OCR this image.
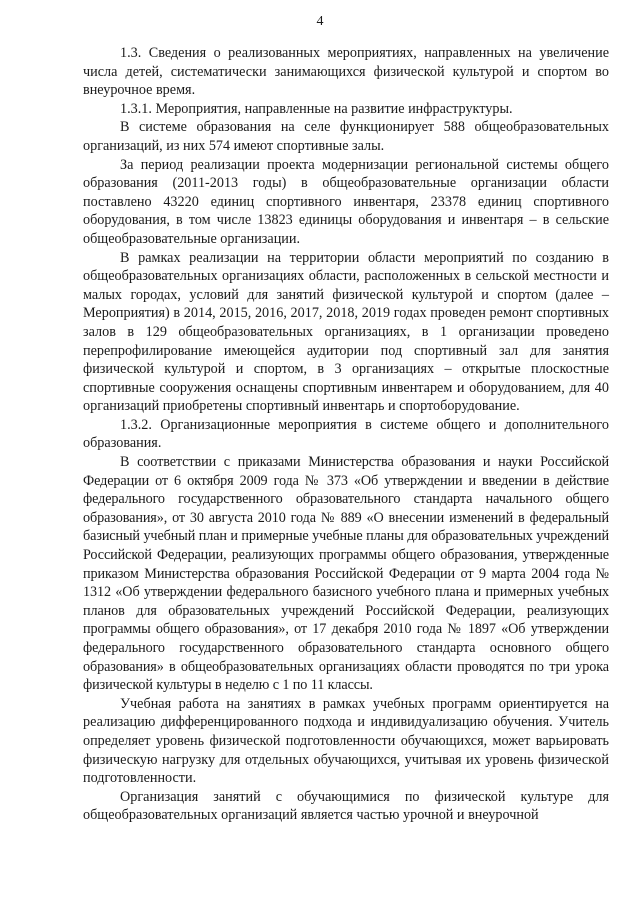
4

1.3. Сведения о реализованных мероприятиях, направленных на увеличение числа детей, систематически занимающихся физической культурой и спортом во внеурочное время.

1.3.1. Мероприятия, направленные на развитие инфраструктуры.

В системе образования на селе функционирует 588 общеобразовательных организаций, из них 574 имеют спортивные залы.

За период реализации проекта модернизации региональной системы общего образования (2011-2013 годы) в общеобразовательные организации области поставлено 43220 единиц спортивного инвентаря, 23378 единиц спортивного оборудования, в том числе 13823 единицы оборудования и инвентаря – в сельские общеобразовательные организации.

В рамках реализации на территории области мероприятий по созданию в общеобразовательных организациях области, расположенных в сельской местности и малых городах, условий для занятий физической культурой и спортом (далее – Мероприятия) в 2014, 2015, 2016, 2017, 2018, 2019 годах проведен ремонт спортивных залов в 129 общеобразовательных организациях, в 1 организации проведено перепрофилирование имеющейся аудитории под спортивный зал для занятия физической культурой и спортом, в 3 организациях – открытые плоскостные спортивные сооружения оснащены спортивным инвентарем и оборудованием, для 40 организаций приобретены спортивный инвентарь и спортоборудование.

1.3.2. Организационные мероприятия в системе общего и дополнительного образования.

В соответствии с приказами Министерства образования и науки Российской Федерации от 6 октября 2009 года № 373 «Об утверждении и введении в действие федерального государственного образовательного стандарта начального общего образования», от 30 августа 2010 года № 889 «О внесении изменений в федеральный базисный учебный план и примерные учебные планы для образовательных учреждений Российской Федерации, реализующих программы общего образования, утвержденные приказом Министерства образования Российской Федерации от 9 марта 2004 года № 1312 «Об утверждении федерального базисного учебного плана и примерных учебных планов для образовательных учреждений Российской Федерации, реализующих программы общего образования», от 17 декабря 2010 года № 1897 «Об утверждении федерального государственного образовательного стандарта основного общего образования» в общеобразовательных организациях области проводятся по три урока физической культуры в неделю с 1 по 11 классы.

Учебная работа на занятиях в рамках учебных программ ориентируется на реализацию дифференцированного подхода и индивидуализацию обучения. Учитель определяет уровень физической подготовленности обучающихся, может варьировать физическую нагрузку для отдельных обучающихся, учитывая их уровень физической подготовленности.

Организация занятий с обучающимися по физической культуре для общеобразовательных организаций является частью урочной и внеурочной
